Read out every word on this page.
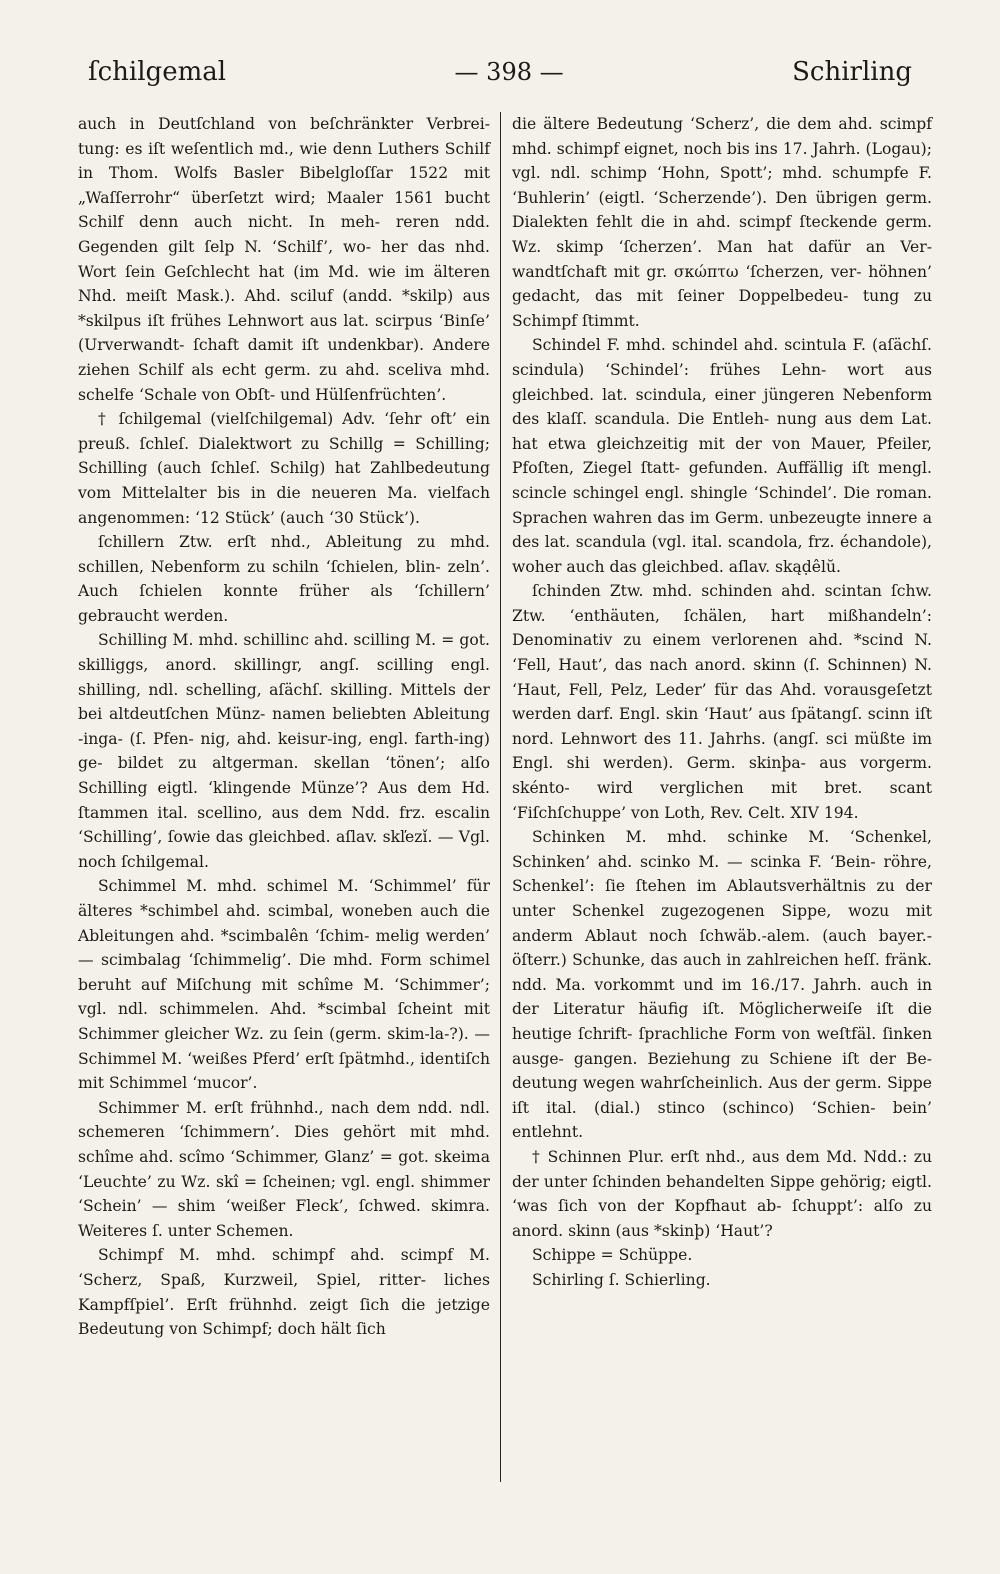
ſchilgemal	— 398 —	Schirling

auch in Deutſchland von beſchränkter Verbrei- tung: es iſt weſentlich md., wie denn Luthers Schilf in Thom. Wolfs Basler Bibelgloſſar 1522 mit „Waſſerrohr“ überſetzt wird; Maaler 1561 bucht Schilf denn auch nicht. In meh- reren ndd. Gegenden gilt ſelp N. ‘Schilf’, wo- her das nhd. Wort ſein Geſchlecht hat (im Md. wie im älteren Nhd. meiſt Mask.). Ahd. sciluf (andd. *skilp) aus *skilpus iſt frühes Lehnwort aus lat. scirpus ‘Binſe’ (Urverwandt- ſchaft damit iſt undenkbar). Andere ziehen Schilf als echt germ. zu ahd. sceliva mhd. schelfe ‘Schale von Obſt- und Hülſenfrüchten’.

† ſchilgemal (vielſchilgemal) Adv. ‘ſehr oft’ ein preuß. ſchleſ. Dialektwort zu Schillg = Schilling; Schilling (auch ſchleſ. Schilg) hat Zahlbedeutung vom Mittelalter bis in die neueren Ma. vielfach angenommen: ‘12 Stück’ (auch ‘30 Stück’).

ſchillern Ztw. erſt nhd., Ableitung zu mhd. schillen, Nebenform zu schiln ‘ſchielen, blin- zeln’. Auch ſchielen konnte früher als ‘ſchillern’ gebraucht werden.

Schilling M. mhd. schillinc ahd. scilling M. = got. skilliggs, anord. skillingr, angſ. scilling engl. shilling, ndl. schelling, aſächſ. skilling. Mittels der bei altdeutſchen Münz- namen beliebten Ableitung -inga- (ſ. Pfen- nig, ahd. keisur-ing, engl. farth-ing) ge- bildet zu altgerman. skellan ‘tönen’; alſo Schilling eigtl. ‘klingende Münze’? Aus dem Hd. ſtammen ital. scellino, aus dem Ndd. frz. escalin ‘Schilling’, ſowie das gleichbed. aſlav. skľezǐ. — Vgl. noch ſchilgemal.

Schimmel M. mhd. schimel M. ‘Schimmel’ für älteres *schimbel ahd. scimbal, woneben auch die Ableitungen ahd. *scimbalên ‘ſchim- melig werden’ — scimbalag ‘ſchimmelig’. Die mhd. Form schimel beruht auf Miſchung mit schîme M. ‘Schimmer’; vgl. ndl. schimmelen. Ahd. *scimbal ſcheint mit Schimmer gleicher Wz. zu ſein (germ. skim-la-?). — Schimmel M. ‘weißes Pferd’ erſt ſpätmhd., identiſch mit Schimmel ‘mucor’.

Schimmer M. erſt frühnhd., nach dem ndd. ndl. schemeren ‘ſchimmern’. Dies gehört mit mhd. schîme ahd. scîmo ‘Schimmer, Glanz’ = got. skeima ‘Leuchte’ zu Wz. skî = ſcheinen; vgl. engl. shimmer ‘Schein’ — shim ‘weißer Fleck’, ſchwed. skimra. Weiteres ſ. unter Schemen.

Schimpf M. mhd. schimpf ahd. scimpf M. ‘Scherz, Spaß, Kurzweil, Spiel, ritter- liches Kampfſpiel’. Erſt frühnhd. zeigt ſich die jetzige Bedeutung von Schimpf; doch hält ſich

die ältere Bedeutung ‘Scherz’, die dem ahd. scimpf mhd. schimpf eignet, noch bis ins 17. Jahrh. (Logau); vgl. ndl. schimp ‘Hohn, Spott’; mhd. schumpfe F. ‘Buhlerin’ (eigtl. ‘Scherzende’). Den übrigen germ. Dialekten fehlt die in ahd. scimpf ſteckende germ. Wz. skimp ‘ſcherzen’. Man hat dafür an Ver- wandtſchaft mit gr. σκώπτω ‘ſcherzen, ver- höhnen’ gedacht, das mit ſeiner Doppelbedeu- tung zu Schimpf ſtimmt.

Schindel F. mhd. schindel ahd. scintula F. (aſächſ. scindula) ‘Schindel’: frühes Lehn- wort aus gleichbed. lat. scindula, einer jüngeren Nebenform des klaſſ. scandula. Die Entleh- nung aus dem Lat. hat etwa gleichzeitig mit der von Mauer, Pfeiler, Pfoſten, Ziegel ſtatt- gefunden. Auffällig iſt mengl. scincle schingel engl. shingle ‘Schindel’. Die roman. Sprachen wahren das im Germ. unbezeugte innere a des lat. scandula (vgl. ital. scandola, frz. échandole), woher auch das gleichbed. aſlav. skąḍêlŭ.

ſchinden Ztw. mhd. schinden ahd. scintan ſchw. Ztw. ‘enthäuten, ſchälen, hart mißhandeln’: Denominativ zu einem verlorenen ahd. *scind N. ‘Fell, Haut’, das nach anord. skinn (ſ. Schinnen) N. ‘Haut, Fell, Pelz, Leder’ für das Ahd. vorausgeſetzt werden darf. Engl. skin ‘Haut’ aus ſpätangſ. scinn iſt nord. Lehnwort des 11. Jahrhs. (angſ. sci müßte im Engl. shi werden). Germ. skinþa- aus vorgerm. skénto- wird verglichen mit bret. scant ‘Fiſchſchuppe’ von Loth, Rev. Celt. XIV 194.

Schinken M. mhd. schinke M. ‘Schenkel, Schinken’ ahd. scinko M. — scinka F. ‘Bein- röhre, Schenkel’: ſie ſtehen im Ablautsverhältnis zu der unter Schenkel zugezogenen Sippe, wozu mit anderm Ablaut noch ſchwäb.-alem. (auch bayer.-öſterr.) Schunke, das auch in zahlreichen heſſ. fränk. ndd. Ma. vorkommt und im 16./17. Jahrh. auch in der Literatur häufig iſt. Möglicherweiſe iſt die heutige ſchrift- ſprachliche Form von weſtfäl. ſinken ausge- gangen. Beziehung zu Schiene iſt der Be- deutung wegen wahrſcheinlich. Aus der germ. Sippe iſt ital. (dial.) stinco (schinco) ‘Schien- bein’ entlehnt.

† Schinnen Plur. erſt nhd., aus dem Md. Ndd.: zu der unter ſchinden behandelten Sippe gehörig; eigtl. ‘was ſich von der Kopfhaut ab- ſchuppt’: alſo zu anord. skinn (aus *skinþ) ‘Haut’?

Schippe = Schüppe.

Schirling ſ. Schierling.
